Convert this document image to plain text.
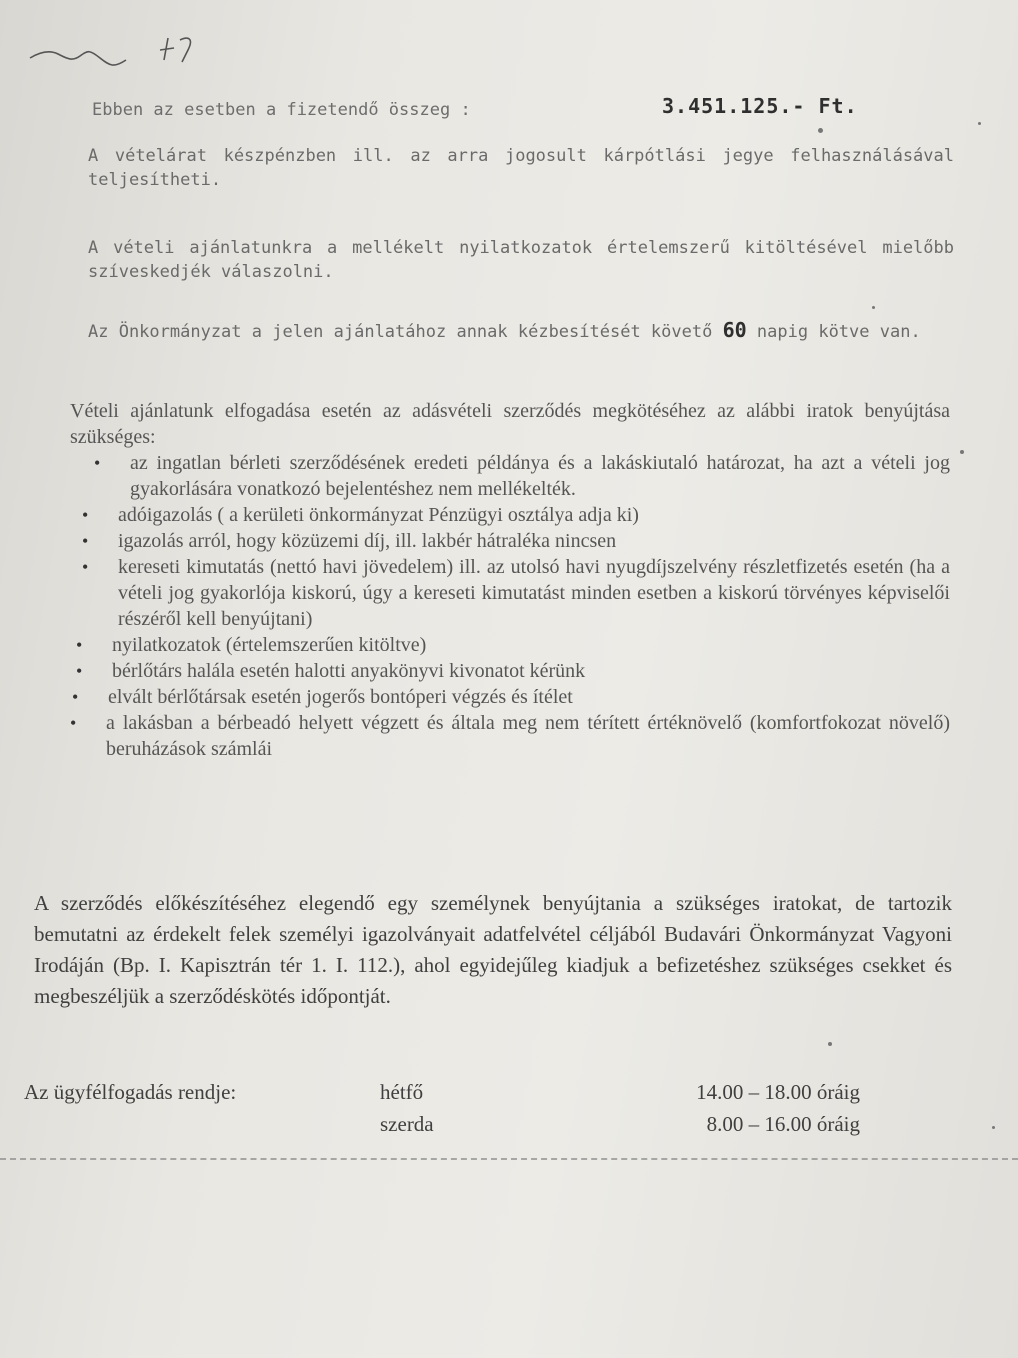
Ebben az esetben a fizetendő összeg :	3.451.125.- Ft.
A vételárat készpénzben ill. az arra jogosult kárpótlási jegye felhasználásával teljesítheti.
A vételi ajánlatunkra a mellékelt nyilatkozatok értelemszerű kitöltésével mielőbb szíveskedjék válaszolni.
Az Önkormányzat a jelen ajánlatához annak kézbesítését követő 60 napig kötve van.
Vételi ajánlatunk elfogadása esetén az adásvételi szerződés megkötéséhez az alábbi iratok benyújtása szükséges:
• az ingatlan bérleti szerződésének eredeti példánya és a lakáskiutaló határozat, ha azt a vételi jog gyakorlására vonatkozó bejelentéshez nem mellékelték.
• adóigazolás ( a kerületi önkormányzat Pénzügyi osztálya adja ki)
• igazolás arról, hogy közüzemi díj, ill. lakbér hátraléka nincsen
• kereseti kimutatás (nettó havi jövedelem) ill. az utolsó havi nyugdíjszelvény részletfizetés esetén (ha a vételi jog gyakorlója kiskorú, úgy a kereseti kimutatást minden esetben a kiskorú törvényes képviselői részéről kell benyújtani)
• nyilatkozatok (értelemszerűen kitöltve)
• bérlőtárs halála esetén halotti anyakönyvi kivonatot kérünk
• elvált bérlőtársak esetén jogerős bontóperi végzés és ítélet
• a lakásban a bérbeadó helyett végzett és általa meg nem térített értéknövelő (komfortfokozat növelő) beruházások számlái
A szerződés előkészítéséhez elegendő egy személynek benyújtania a szükséges iratokat, de tartozik bemutatni az érdekelt felek személyi igazolványait adatfelvétel céljából Budavári Önkormányzat Vagyoni Irodáján (Bp. I. Kapisztrán tér 1. I. 112.), ahol egyidejűleg kiadjuk a befizetéshez szükséges csekket és megbeszéljük a szerződéskötés időpontját.
Az ügyfélfogadás rendje:	hétfő	14.00 – 18.00 óráig
szerda	8.00 – 16.00 óráig
